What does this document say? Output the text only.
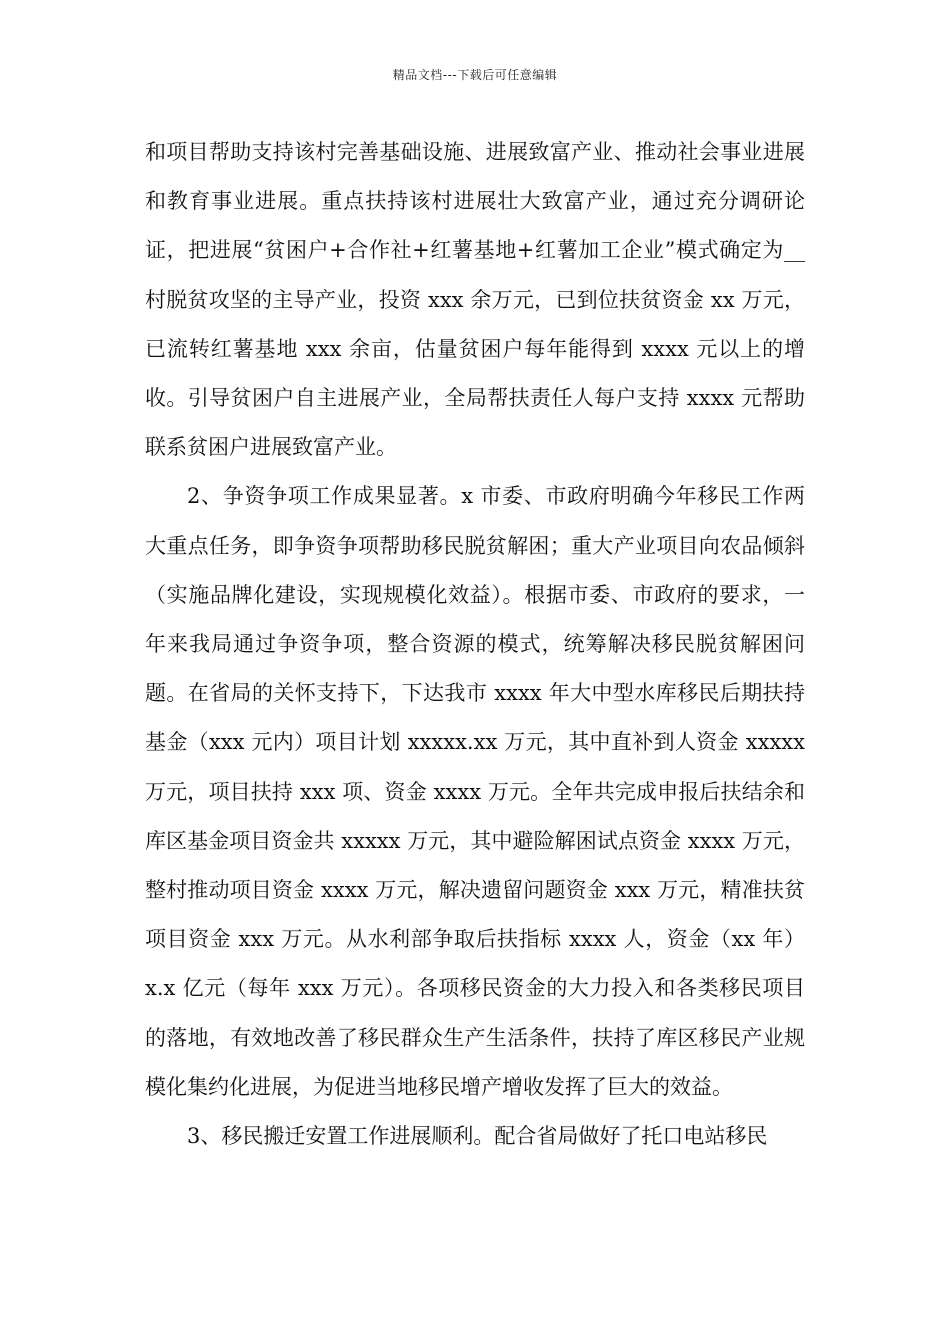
精品文档---下载后可任意编辑

和项目帮助支持该村完善基础设施、进展致富产业、推动社会事业进展和教育事业进展。重点扶持该村进展壮大致富产业，通过充分调研论证，把进展“贫困户+合作社+红薯基地+红薯加工企业”模式确定为__村脱贫攻坚的主导产业，投资 xxx 余万元，已到位扶贫资金 xx 万元，已流转红薯基地 xxx 余亩，估量贫困户每年能得到 xxxx 元以上的增收。引导贫困户自主进展产业，全局帮扶责任人每户支持 xxxx 元帮助联系贫困户进展致富产业。

2、争资争项工作成果显著。x 市委、市政府明确今年移民工作两大重点任务，即争资争项帮助移民脱贫解困；重大产业项目向农品倾斜（实施品牌化建设，实现规模化效益）。根据市委、市政府的要求，一年来我局通过争资争项，整合资源的模式，统筹解决移民脱贫解困问题。在省局的关怀支持下，下达我市 xxxx 年大中型水库移民后期扶持基金（xxx 元内）项目计划 xxxxx.xx 万元，其中直补到人资金 xxxxx 万元，项目扶持 xxx 项、资金 xxxx 万元。全年共完成申报后扶结余和库区基金项目资金共 xxxxx 万元，其中避险解困试点资金 xxxx 万元，整村推动项目资金 xxxx 万元，解决遗留问题资金 xxx 万元，精准扶贫项目资金 xxx 万元。从水利部争取后扶指标 xxxx 人，资金（xx 年）x.x 亿元（每年 xxx 万元）。各项移民资金的大力投入和各类移民项目的落地，有效地改善了移民群众生产生活条件，扶持了库区移民产业规模化集约化进展，为促进当地移民增产增收发挥了巨大的效益。

3、移民搬迁安置工作进展顺利。配合省局做好了托口电站移民
